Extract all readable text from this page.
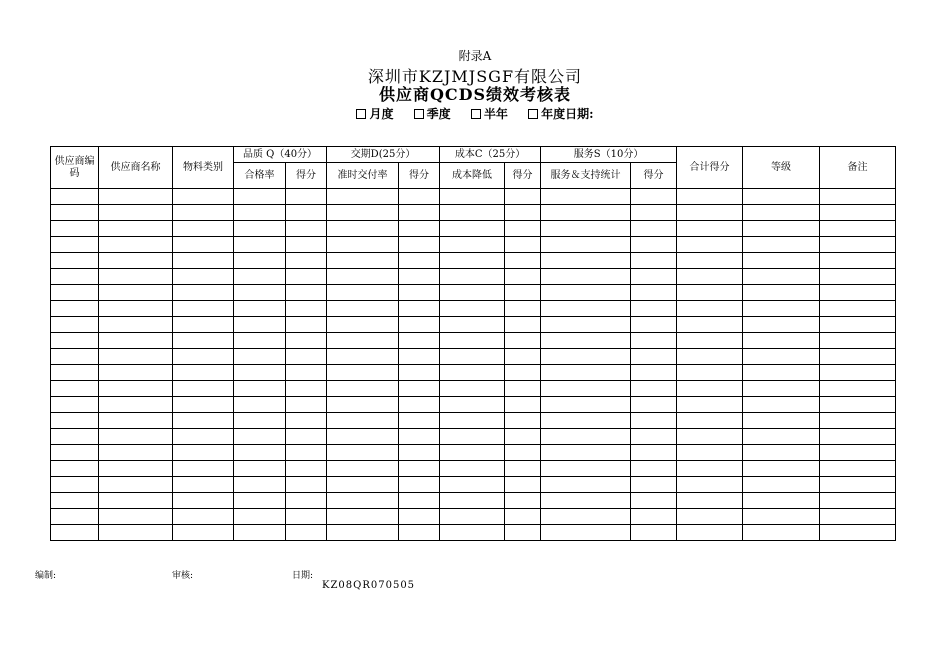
附录A
深圳市KZJMJSGF有限公司
供应商QCDS绩效考核表
月度	季度	半年	年度日期:
供应商编码	供应商名称	物料类别	品质 Q（40分）		交期D(25分）		成本C（25分）		服务S（10分）		合计得分	等级	备注
			合格率	得分	准时交付率	得分	成本降低	得分	服务＆支持统计	得分			

编制:	审核:	日期:
KZ08QR070505
